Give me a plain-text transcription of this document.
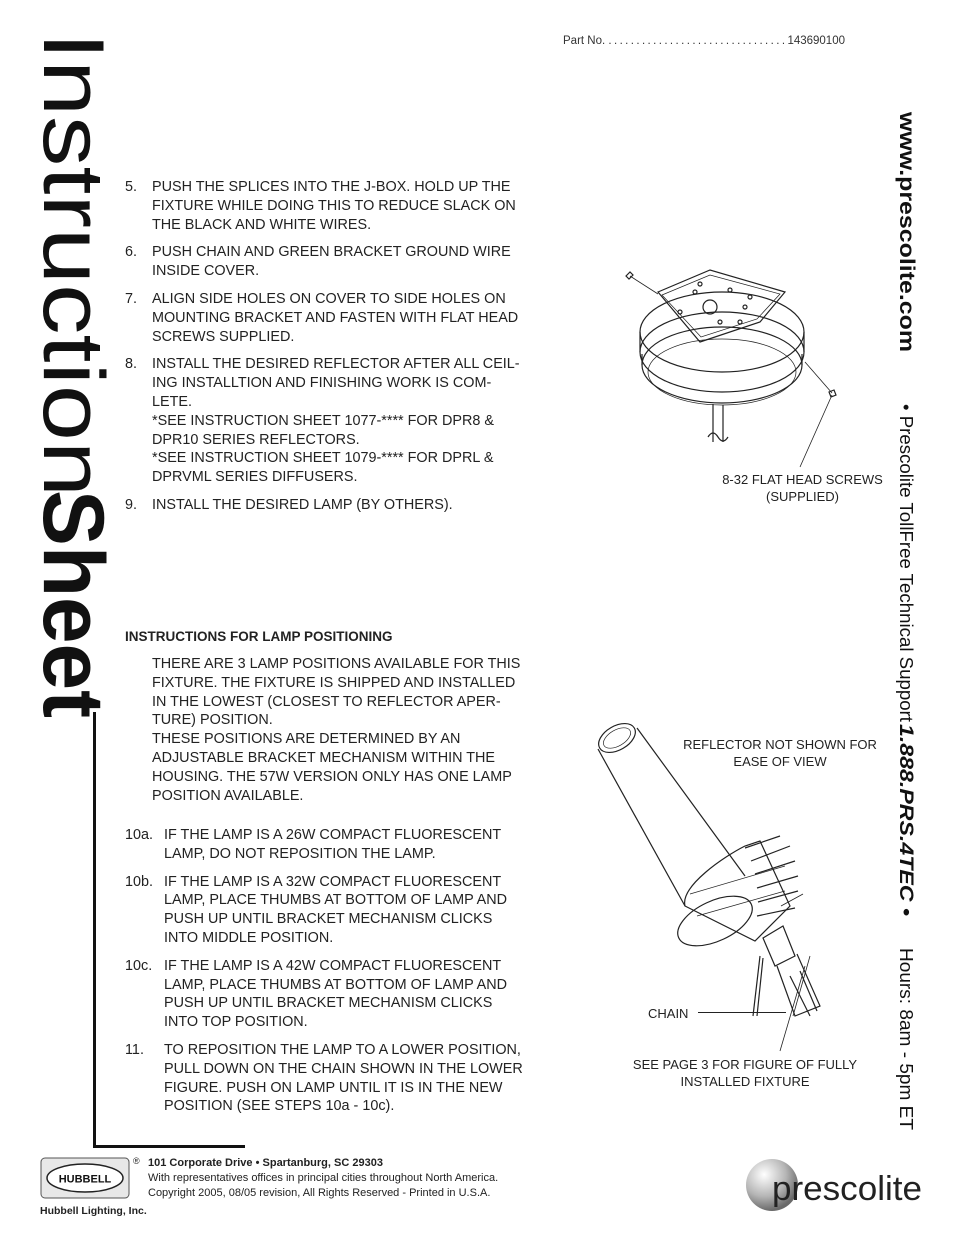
Part No. ................................143690100
Instruction
Sheet
www.prescolite.com
• Prescolite TollFree Technical Support
1.888.PRS.4TEC •
Hours: 8am - 5pm ET
5.	PUSH THE SPLICES INTO THE J-BOX. HOLD UP THE
FIXTURE WHILE DOING THIS TO REDUCE SLACK ON
THE BLACK AND WHITE WIRES.
6.	PUSH CHAIN AND GREEN BRACKET GROUND WIRE
INSIDE COVER.
7.	ALIGN SIDE HOLES ON COVER TO SIDE HOLES ON
MOUNTING BRACKET AND FASTEN WITH FLAT HEAD
SCREWS SUPPLIED.
8.	INSTALL THE DESIRED REFLECTOR AFTER ALL CEIL-
ING INSTALLTION AND FINISHING WORK IS COM-
LETE.
*SEE INSTRUCTION SHEET 1077-**** FOR DPR8 &
DPR10 SERIES REFLECTORS.
*SEE INSTRUCTION SHEET 1079-**** FOR DPRL &
DPRVML SERIES DIFFUSERS.
9.	INSTALL THE DESIRED LAMP (BY OTHERS).
INSTRUCTIONS FOR LAMP POSITIONING
THERE ARE 3 LAMP POSITIONS AVAILABLE FOR THIS
FIXTURE. THE FIXTURE IS SHIPPED AND INSTALLED
IN THE LOWEST (CLOSEST TO REFLECTOR APER-
TURE) POSITION.
THESE POSITIONS ARE DETERMINED BY AN
ADJUSTABLE BRACKET MECHANISM WITHIN THE
HOUSING. THE 57W VERSION ONLY HAS ONE LAMP
POSITION AVAILABLE.
10a. IF THE LAMP IS A 26W COMPACT FLUORESCENT
LAMP, DO NOT REPOSITION THE LAMP.
10b. IF THE LAMP IS A 32W COMPACT FLUORESCENT
LAMP, PLACE THUMBS AT BOTTOM OF LAMP AND
PUSH UP UNTIL BRACKET MECHANISM CLICKS
INTO MIDDLE POSITION.
10c. IF THE LAMP IS A 42W COMPACT FLUORESCENT
LAMP, PLACE THUMBS AT BOTTOM OF LAMP AND
PUSH UP UNTIL BRACKET MECHANISM CLICKS
INTO TOP POSITION.
11.	TO REPOSITION THE LAMP TO A LOWER POSITION,
PULL DOWN ON THE CHAIN SHOWN IN THE LOWER
FIGURE. PUSH ON LAMP UNTIL IT IS IN THE NEW
POSITION (SEE STEPS 10a - 10c).
8-32 FLAT HEAD SCREWS
(SUPPLIED)
REFLECTOR NOT SHOWN FOR
EASE OF VIEW
CHAIN
SEE PAGE 3 FOR FIGURE OF FULLY
INSTALLED FIXTURE
HUBBELL
Hubbell Lighting, Inc.
® 101 Corporate Drive • Spartanburg, SC 29303
With representatives offices in principal cities throughout North America.
Copyright 2005, 08/05 revision, All Rights Reserved - Printed in U.S.A.	prescolite
